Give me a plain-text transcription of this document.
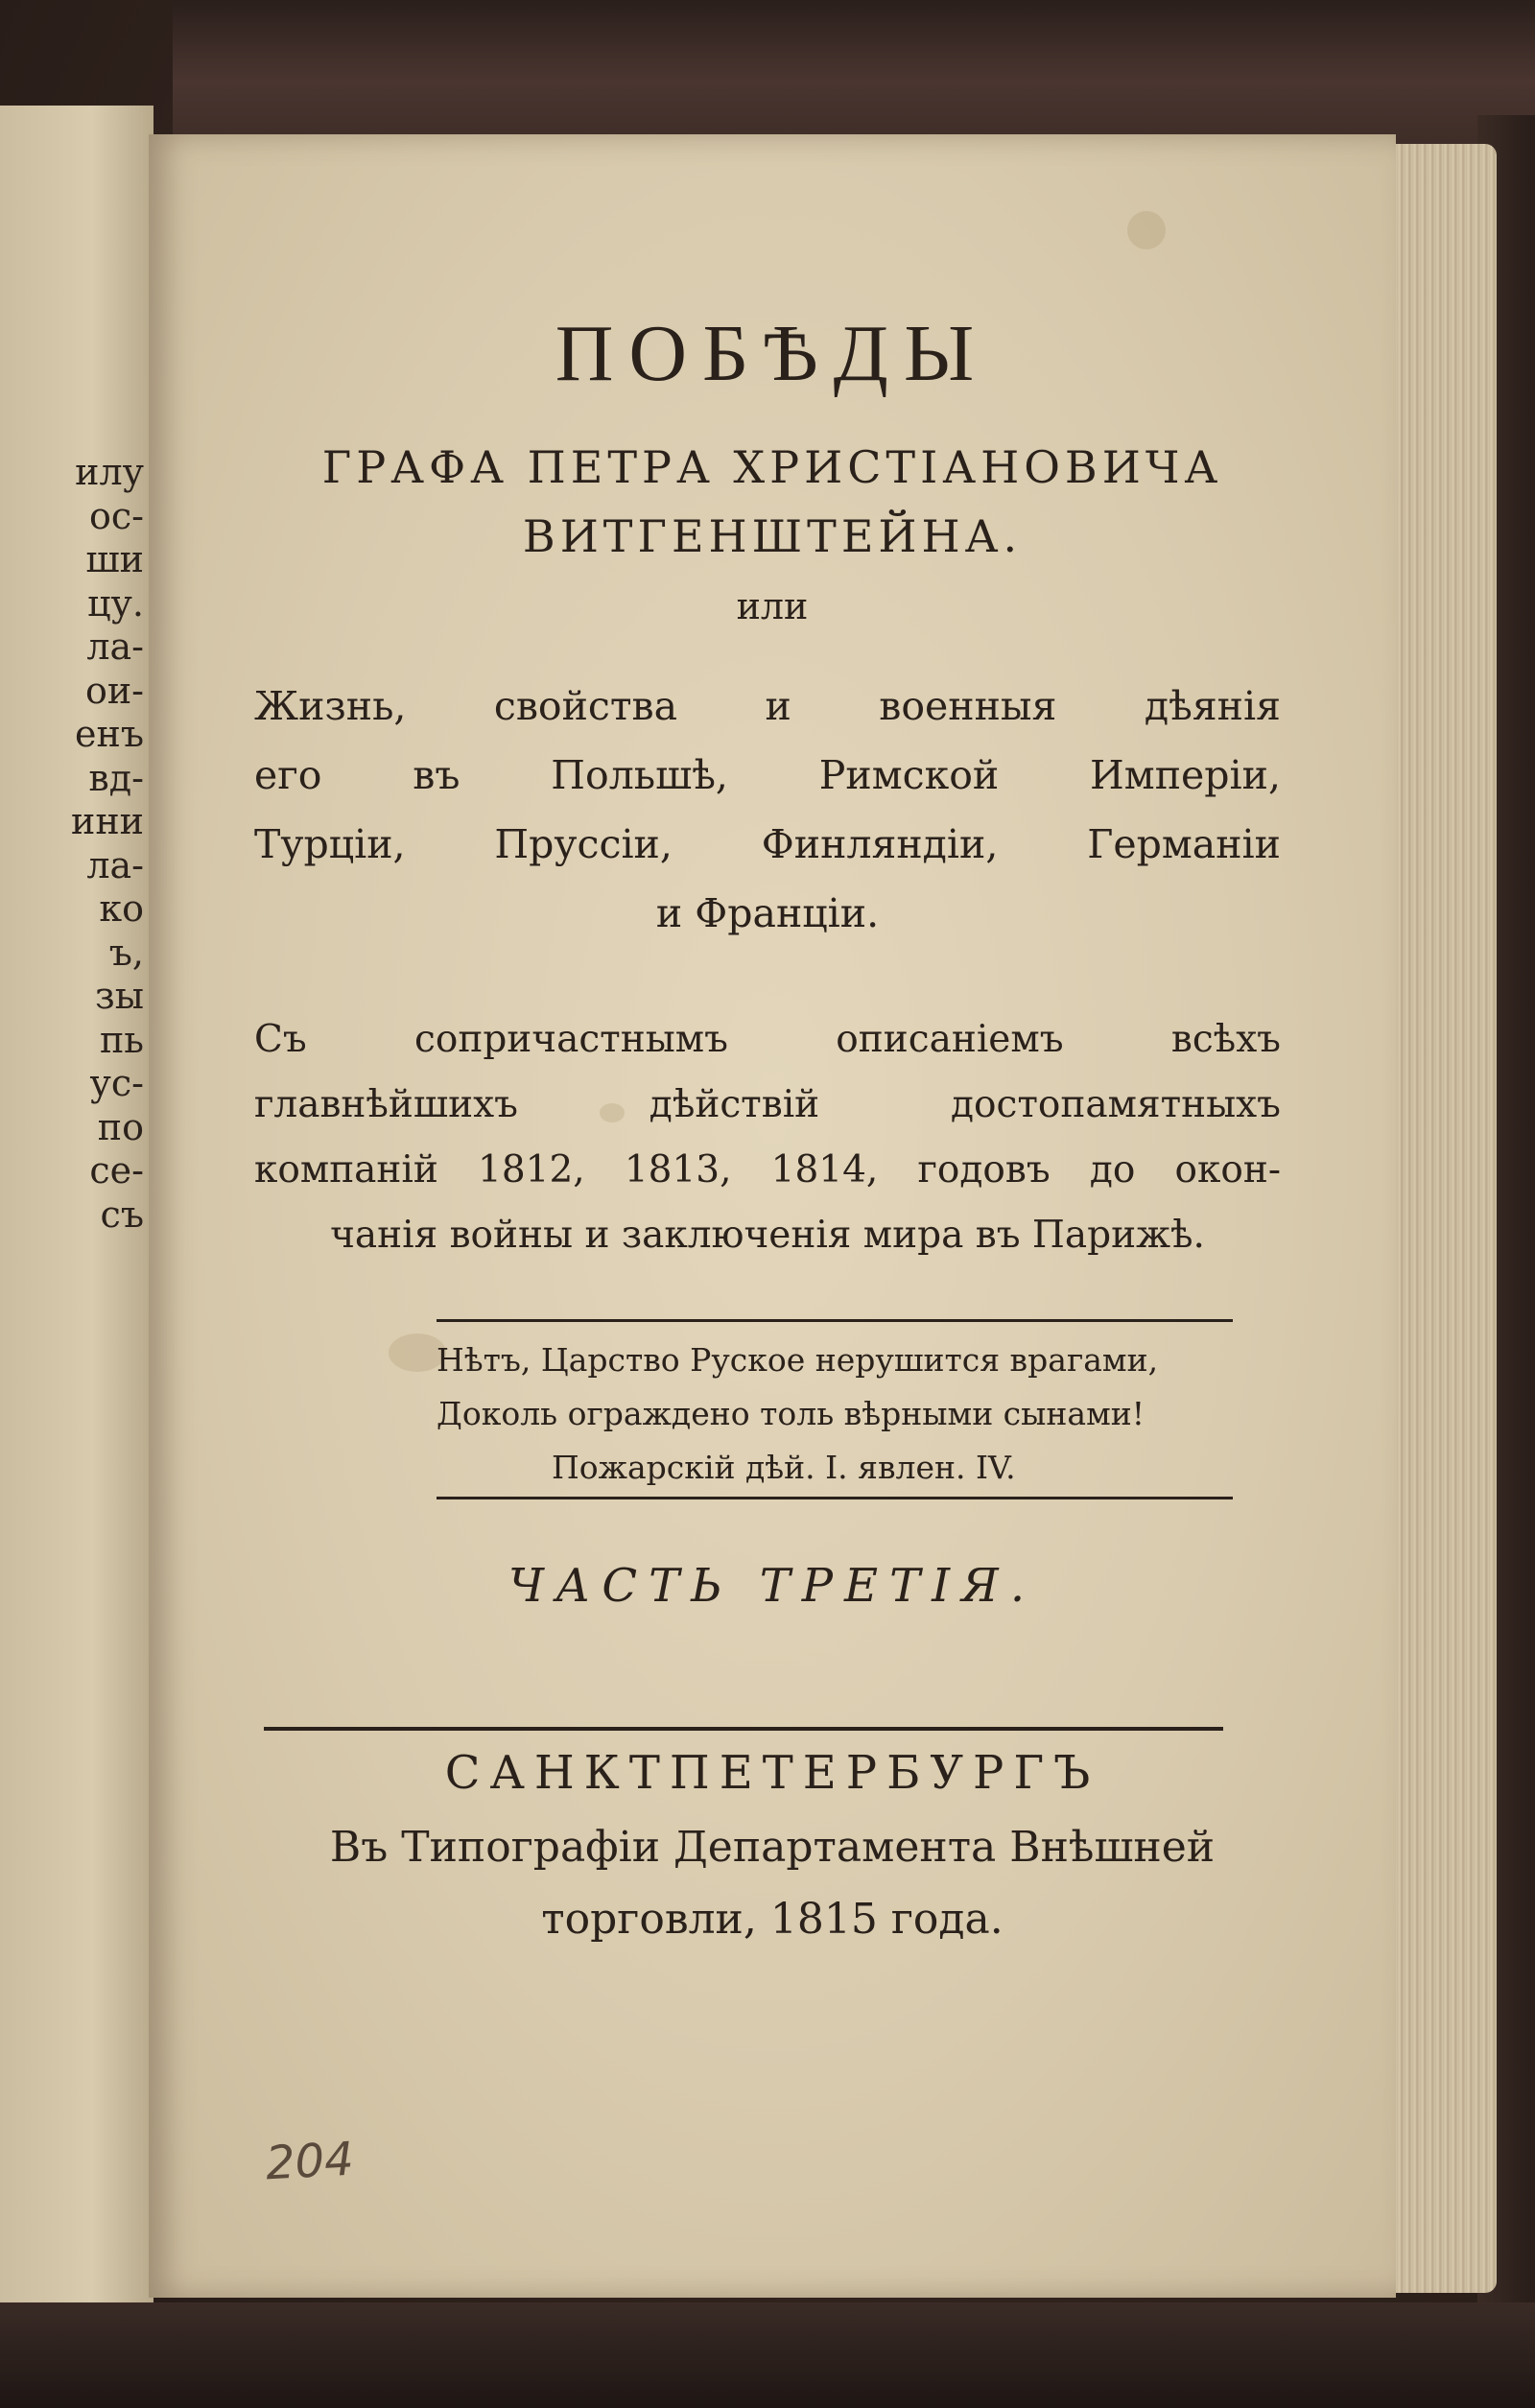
илу
ос-
ши
цу.
ла-
ои-
енъ
вд-
ини
ла-
ко
ъ,
зы
пь
ус-
по
се-
съ
ПОБѢДЫ
ГРАФА ПЕТРА ХРИСТІАНОВИЧА
ВИТГЕНШТЕЙНА.
или
Жизнь, свойства и военныя дѣянія
его въ Польшѣ, Римской Имперіи,
Турціи, Пруссіи, Финляндіи, Германіи
и Франціи.
Съ сопричастнымъ описаніемъ всѣхъ
главнѣйшихъ дѣйствій достопамятныхъ
компаній 1812, 1813, 1814, годовъ до окон-
чанія войны и заключенія мира въ Парижѣ.
Нѣтъ, Царство Руское нерушится врагами,
Доколь ограждено толь вѣрными сынами!
Пожарскій дѣй. І. явлен. IV.
ЧАСТЬ ТРЕТІЯ.
САНКТПЕТЕРБУРГЪ
Въ Типографіи Департамента Внѣшней
торговли, 1815 года.
204
